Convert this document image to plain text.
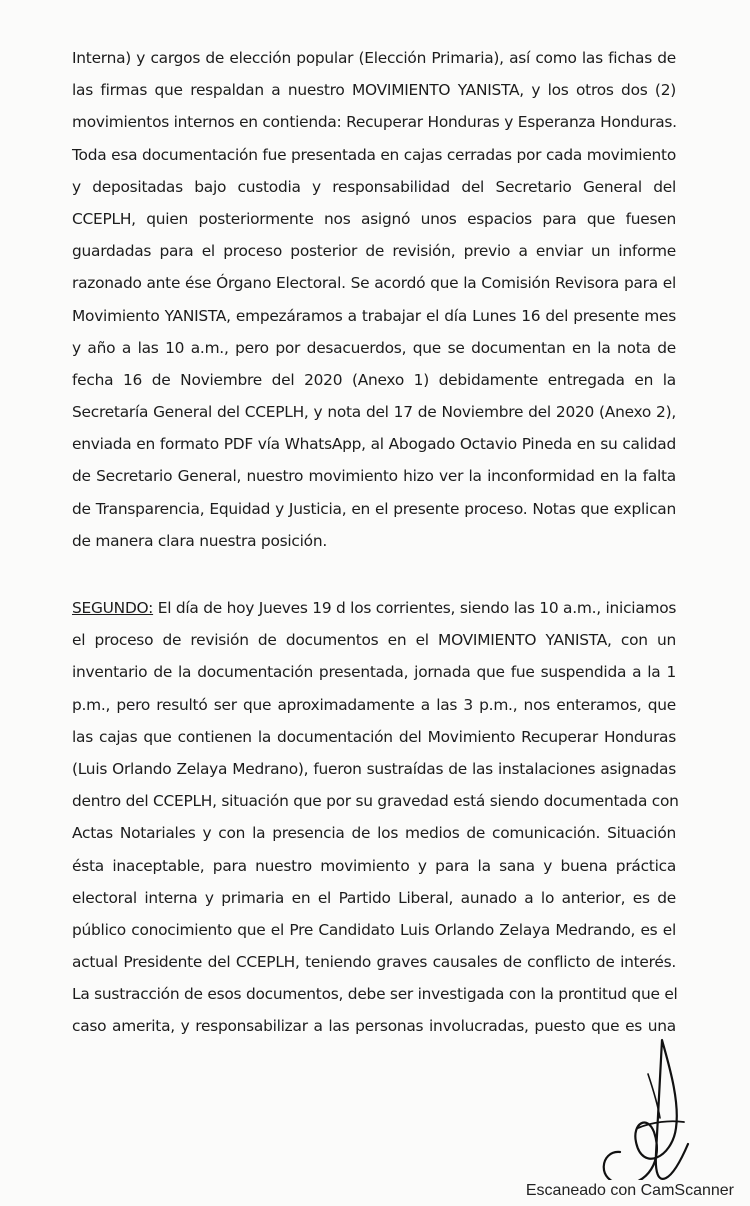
Interna) y cargos de elección popular (Elección Primaria), así como las fichas de
las firmas que respaldan a nuestro MOVIMIENTO YANISTA, y los otros dos (2)
movimientos internos en contienda: Recuperar Honduras y Esperanza Honduras.
Toda esa documentación fue presentada en cajas cerradas por cada movimiento
y depositadas bajo custodia y responsabilidad del Secretario General del
CCEPLH, quien posteriormente nos asignó unos espacios para que fuesen
guardadas para el proceso posterior de revisión, previo a enviar un informe
razonado ante ése Órgano Electoral. Se acordó que la Comisión Revisora para el
Movimiento YANISTA, empezáramos a trabajar el día Lunes 16 del presente mes
y año a las 10 a.m., pero por desacuerdos, que se documentan en la nota de
fecha 16 de Noviembre del 2020 (Anexo 1) debidamente entregada en la
Secretaría General del CCEPLH, y nota del 17 de Noviembre del 2020 (Anexo 2),
enviada en formato PDF vía WhatsApp, al Abogado Octavio Pineda en su calidad
de Secretario General, nuestro movimiento hizo ver la inconformidad en la falta
de Transparencia, Equidad y Justicia, en el presente proceso. Notas que explican
de manera clara nuestra posición.
SEGUNDO: El día de hoy Jueves 19 d los corrientes, siendo las 10 a.m., iniciamos
el proceso de revisión de documentos en el MOVIMIENTO YANISTA, con un
inventario de la documentación presentada, jornada que fue suspendida a la 1
p.m., pero resultó ser que aproximadamente a las 3 p.m., nos enteramos, que
las cajas que contienen la documentación del Movimiento Recuperar Honduras
(Luis Orlando Zelaya Medrano), fueron sustraídas de las instalaciones asignadas
dentro del CCEPLH, situación que por su gravedad está siendo documentada con
Actas Notariales y con la presencia de los medios de comunicación. Situación
ésta inaceptable, para nuestro movimiento y para la sana y buena práctica
electoral interna y primaria en el Partido Liberal, aunado a lo anterior, es de
público conocimiento que el Pre Candidato Luis Orlando Zelaya Medrando, es el
actual Presidente del CCEPLH, teniendo graves causales de conflicto de interés.
La sustracción de esos documentos, debe ser investigada con la prontitud que el
caso amerita, y responsabilizar a las personas involucradas, puesto que es una
Escaneado con CamScanner
